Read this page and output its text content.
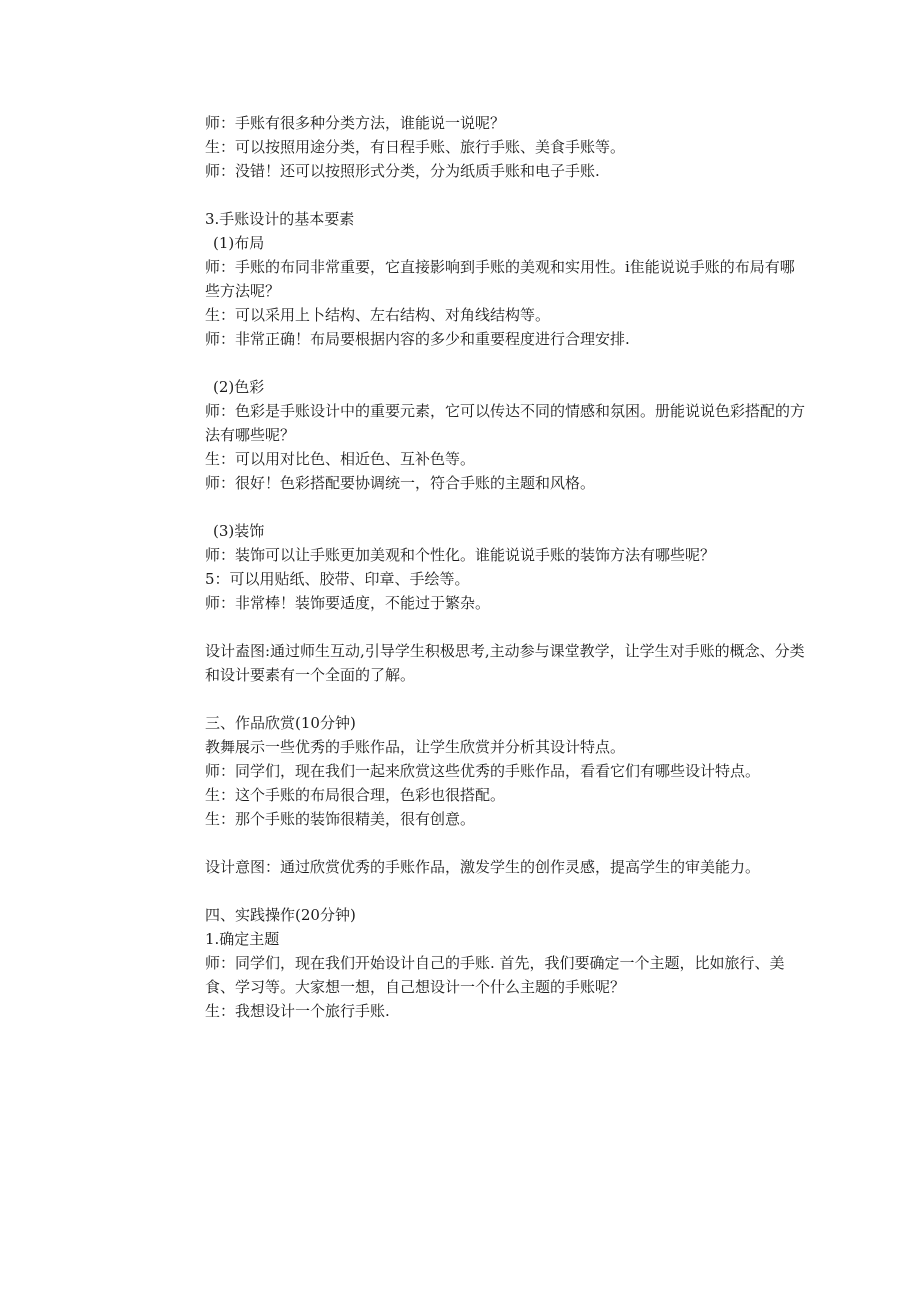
师：手账有很多种分类方法，谁能说一说呢？

生：可以按照用途分类，有日程手账、旅行手账、美食手账等。

师：没错！还可以按照形式分类，分为纸质手账和电子手账.

3.手账设计的基本要素

(1)布局

师：手账的布同非常重要，它直接影响到手账的美观和实用性。i隹能说说手账的布局有哪些方法呢？

生：可以采用上卜结构、左右结构、对角线结构等。

师：非常正确！布局要根据内容的多少和重要程度进行合理安排.

(2)色彩

师：色彩是手账设计中的重要元素，它可以传达不同的情感和氛困。册能说说色彩搭配的方法有哪些呢？

生：可以用对比色、相近色、互补色等。

师：很好！色彩搭配要协调统一，符合手账的主题和风格。

(3)装饰

师：装饰可以让手账更加美观和个性化。谁能说说手账的装饰方法有哪些呢？

5：可以用贴纸、胶带、印章、手绘等。

师：非常棒！装饰要适度，不能过于繁杂。

设计盍图:通过师生互动,引导学生积极思考,主动参与课堂教学，让学生对手账的概念、分类和设计要素有一个全面的了解。

三、作品欣赏(10分钟)

教舞展示一些优秀的手账作品，让学生欣赏并分析其设计特点。

师：同学们，现在我们一起来欣赏这些优秀的手账作品，看看它们有哪些设计特点。

生：这个手账的布局很合理，色彩也很搭配。

生：那个手账的装饰很精美，很有创意。

设计意图：通过欣赏优秀的手账作品，激发学生的创作灵感，提高学生的审美能力。

四、实践操作(20分钟)

1.确定主题

师：同学们，现在我们开始设计自己的手账. 首先，我们要确定一个主题，比如旅行、美食、学习等。大家想一想，自己想设计一个什么主题的手账呢？

生：我想设计一个旅行手账.
